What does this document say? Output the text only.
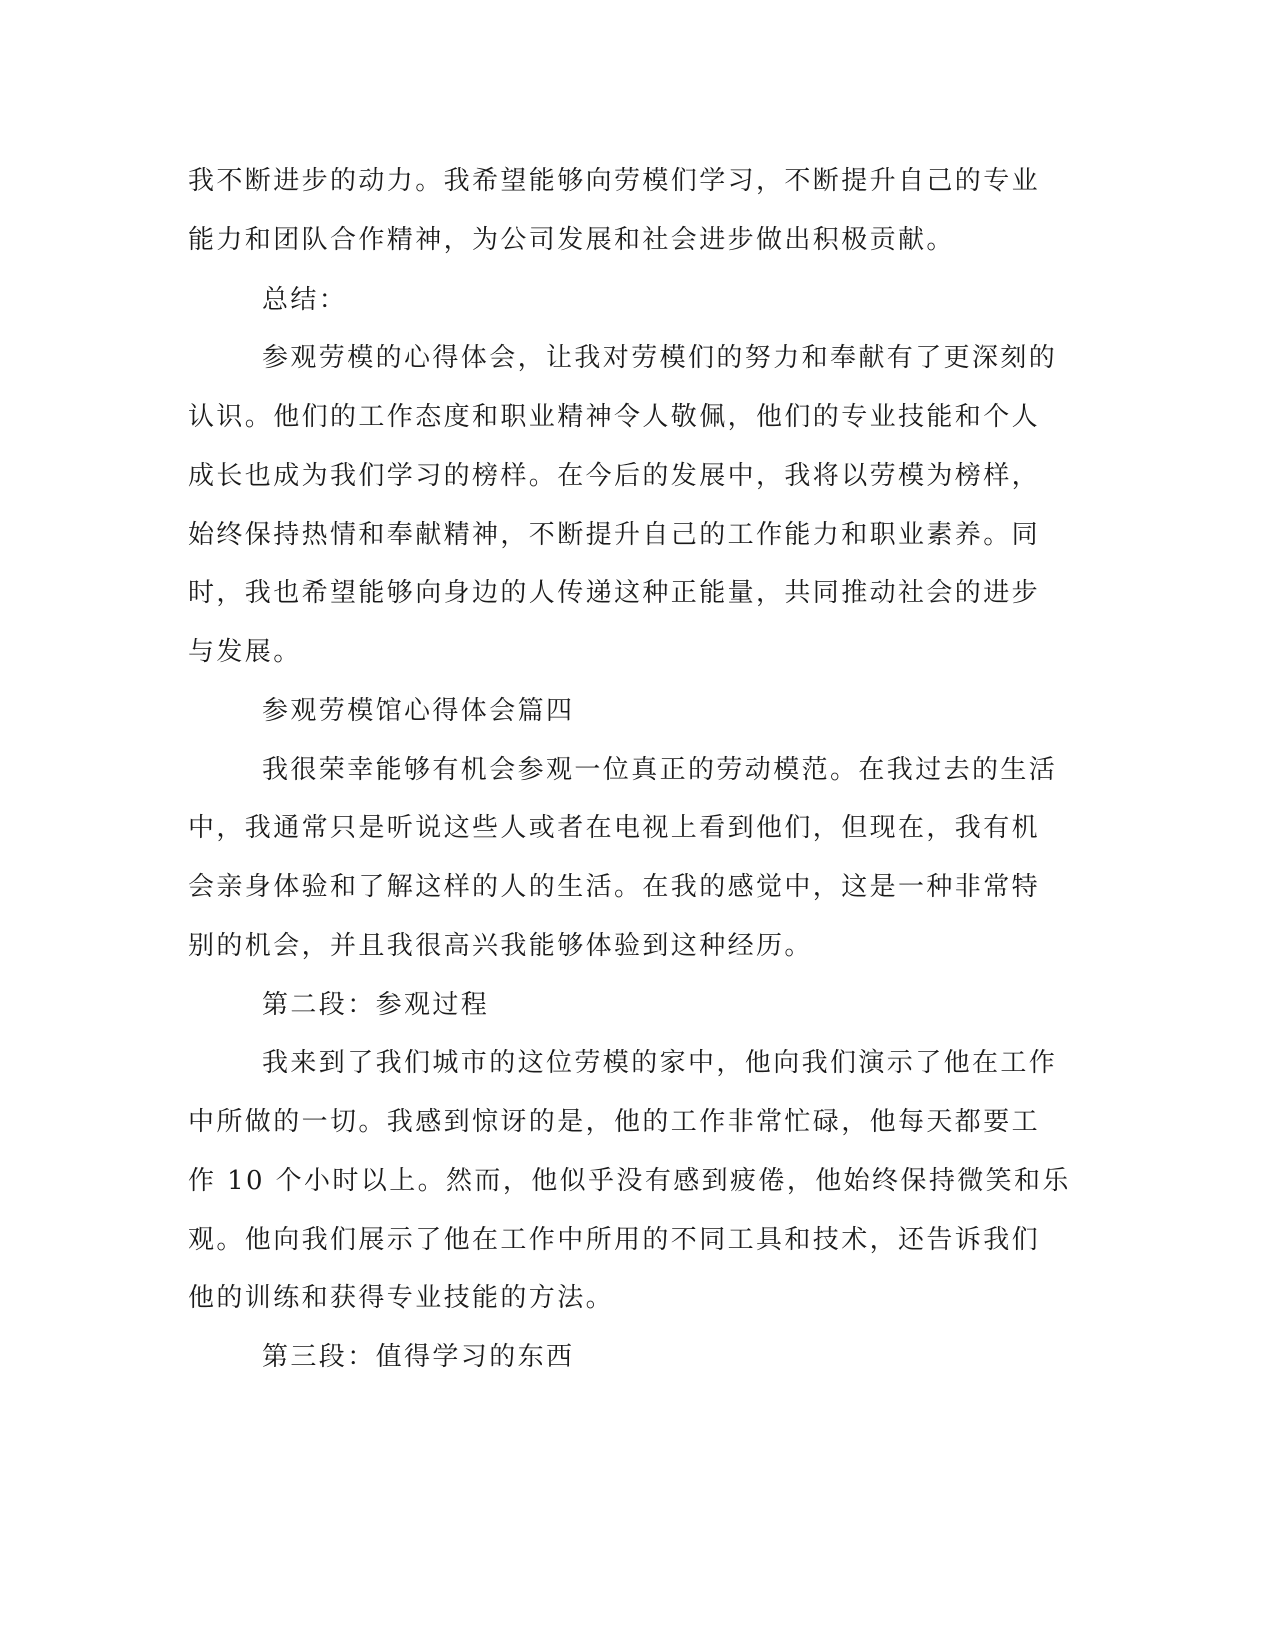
我不断进步的动力。我希望能够向劳模们学习，不断提升自己的专业
能力和团队合作精神，为公司发展和社会进步做出积极贡献。
总结：
参观劳模的心得体会，让我对劳模们的努力和奉献有了更深刻的
认识。他们的工作态度和职业精神令人敬佩，他们的专业技能和个人
成长也成为我们学习的榜样。在今后的发展中，我将以劳模为榜样，
始终保持热情和奉献精神，不断提升自己的工作能力和职业素养。同
时，我也希望能够向身边的人传递这种正能量，共同推动社会的进步
与发展。
参观劳模馆心得体会篇四
我很荣幸能够有机会参观一位真正的劳动模范。在我过去的生活
中，我通常只是听说这些人或者在电视上看到他们，但现在，我有机
会亲身体验和了解这样的人的生活。在我的感觉中，这是一种非常特
别的机会，并且我很高兴我能够体验到这种经历。
第二段：参观过程
我来到了我们城市的这位劳模的家中，他向我们演示了他在工作
中所做的一切。我感到惊讶的是，他的工作非常忙碌，他每天都要工
作 10 个小时以上。然而，他似乎没有感到疲倦，他始终保持微笑和乐
观。他向我们展示了他在工作中所用的不同工具和技术，还告诉我们
他的训练和获得专业技能的方法。
第三段：值得学习的东西
